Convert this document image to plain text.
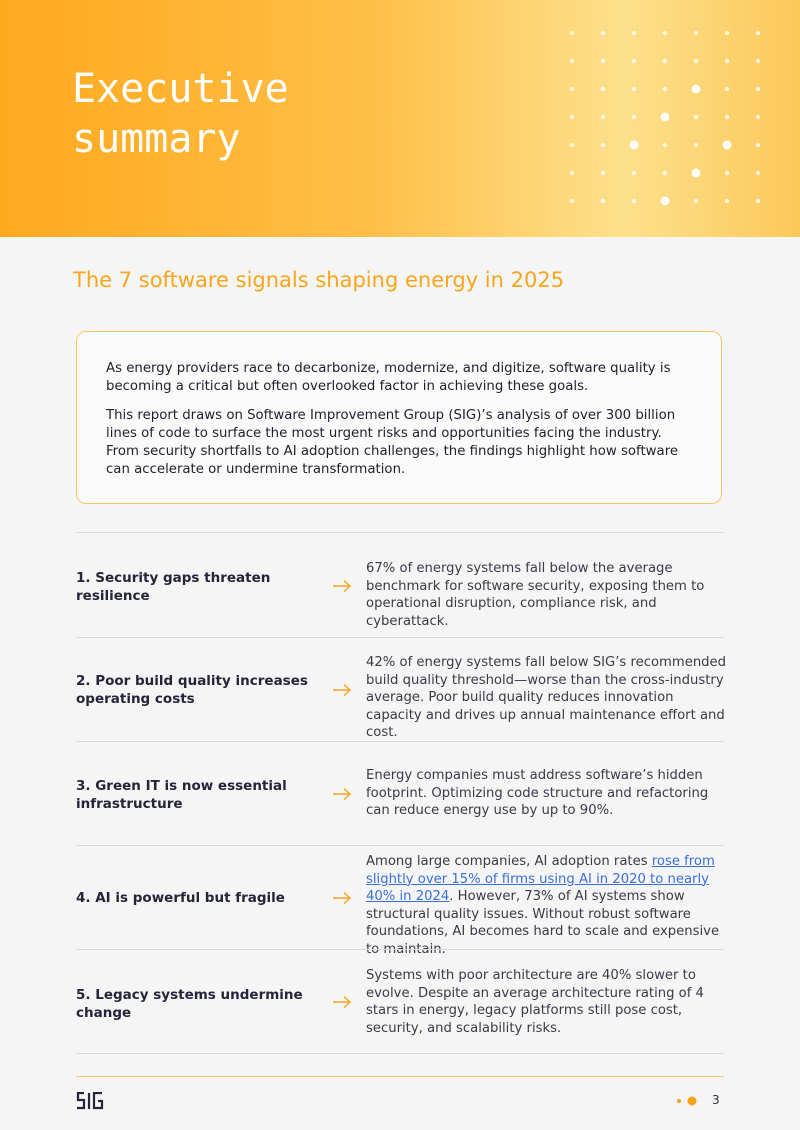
Executive
summary
The 7 software signals shaping energy in 2025

As energy providers race to decarbonize, modernize, and digitize, software quality is becoming a critical but often overlooked factor in achieving these goals.

This report draws on Software Improvement Group (SIG)’s analysis of over 300 billion lines of code to surface the most urgent risks and opportunities facing the industry. From security shortfalls to AI adoption challenges, the findings highlight how software can accelerate or undermine transformation.

1. Security gaps threaten resilience
67% of energy systems fall below the average benchmark for software security, exposing them to operational disruption, compliance risk, and cyberattack.
2. Poor build quality increases operating costs
42% of energy systems fall below SIG’s recommended build quality threshold—worse than the cross-industry average. Poor build quality reduces innovation capacity and drives up annual maintenance effort and cost.
3. Green IT is now essential infrastructure
Energy companies must address software’s hidden footprint. Optimizing code structure and refactoring can reduce energy use by up to 90%.
4. AI is powerful but fragile
Among large companies, AI adoption rates rose from slightly over 15% of firms using AI in 2020 to nearly 40% in 2024. However, 73% of AI systems show structural quality issues. Without robust software foundations, AI becomes hard to scale and expensive to maintain.
5. Legacy systems undermine change
Systems with poor architecture are 40% slower to evolve. Despite an average architecture rating of 4 stars in energy, legacy platforms still pose cost, security, and scalability risks.
3
